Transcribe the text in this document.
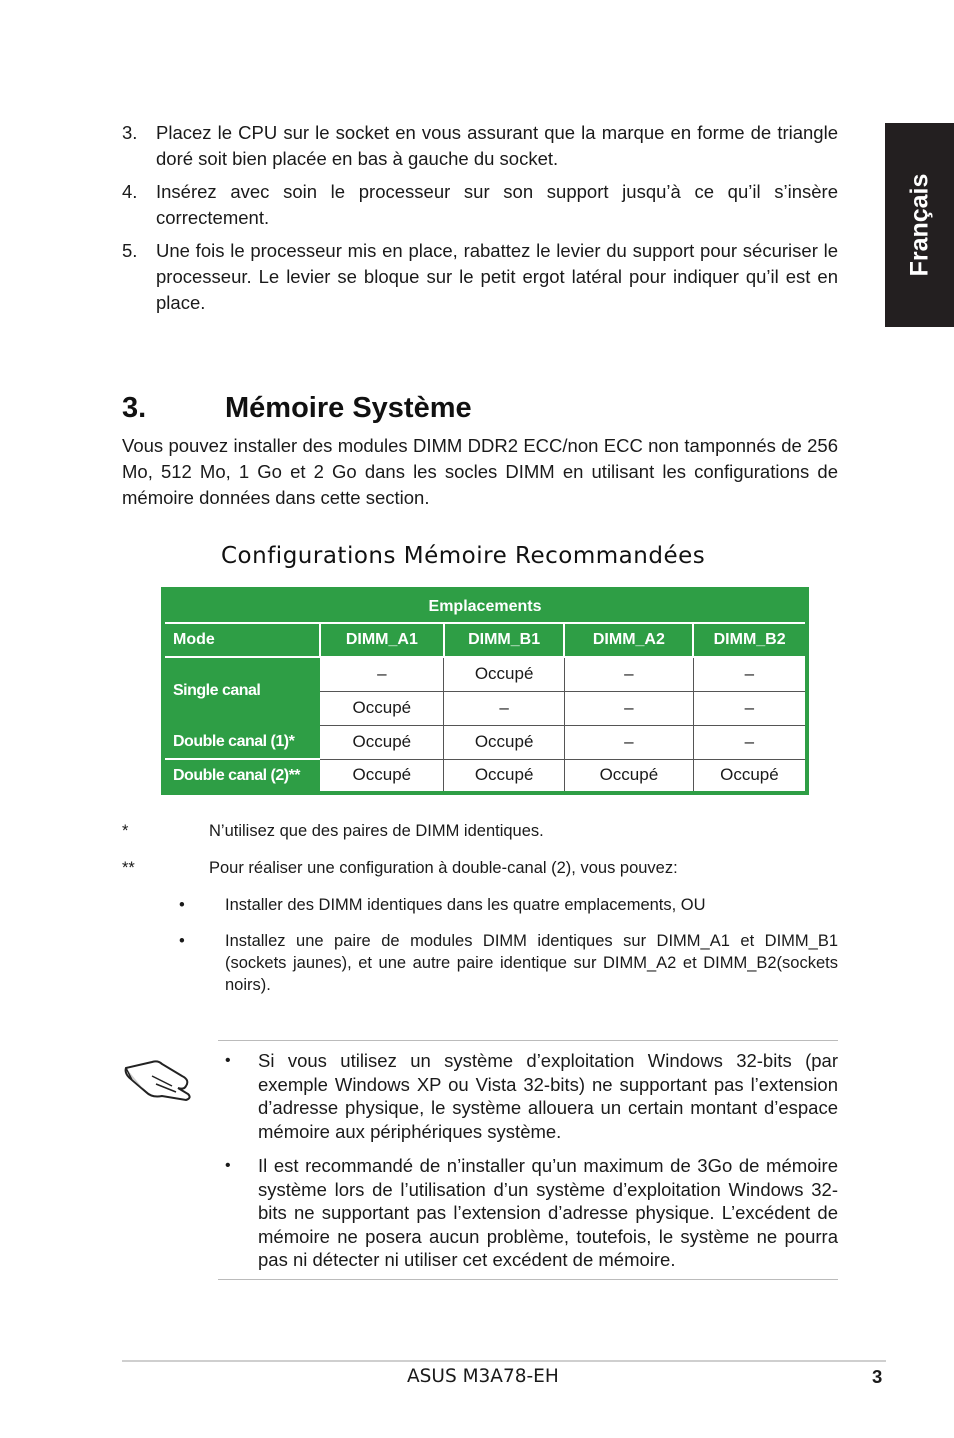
Français
3. Placez le CPU sur le socket en vous assurant que la marque en forme de triangle doré soit bien placée en bas à gauche du socket.
4. Insérez avec soin le processeur sur son support jusqu’à ce qu’il s’insère correctement.
5. Une fois le processeur mis en place, rabattez le levier du support pour sécuriser le processeur. Le levier se bloque sur le petit ergot latéral pour indiquer qu’il est en place.
3.	Mémoire Système

Vous pouvez installer des modules DIMM DDR2 ECC/non ECC non tamponnés de 256 Mo, 512 Mo, 1 Go et 2 Go dans les socles DIMM en utilisant les configurations de mémoire données dans cette section.

Configurations Mémoire Recommandées
Emplacements				
Mode	DIMM_A1	DIMM_B1	DIMM_A2	DIMM_B2
Single canal	–	Occupé	–	–
	Occupé	–	–	–
Double canal (1)*	Occupé	Occupé	–	–
Double canal (2)**	Occupé	Occupé	Occupé	Occupé
*	N’utilisez que des paires de DIMM identiques.
**	Pour réaliser une configuration à double-canal (2), vous pouvez:
• Installer des DIMM identiques dans les quatre emplacements, OU
• Installez une paire de modules DIMM identiques sur DIMM_A1 et DIMM_B1 (sockets jaunes), et une autre paire identique sur DIMM_A2 et DIMM_B2(sockets noirs).
• Si vous utilisez un système d’exploitation Windows 32-bits (par exemple Windows XP ou Vista 32-bits) ne supportant pas l’extension d’adresse physique, le système allouera un certain montant d’espace mémoire aux périphériques système.
• Il est recommandé de n’installer qu’un maximum de 3Go de mémoire système lors de l’utilisation d’un système d’exploitation Windows 32-bits ne supportant pas l’extension d’adresse physique. L’excédent de mémoire ne posera aucun problème, toutefois, le système ne pourra pas ni détecter ni utiliser cet excédent de mémoire.
ASUS M3A78-EH	3
